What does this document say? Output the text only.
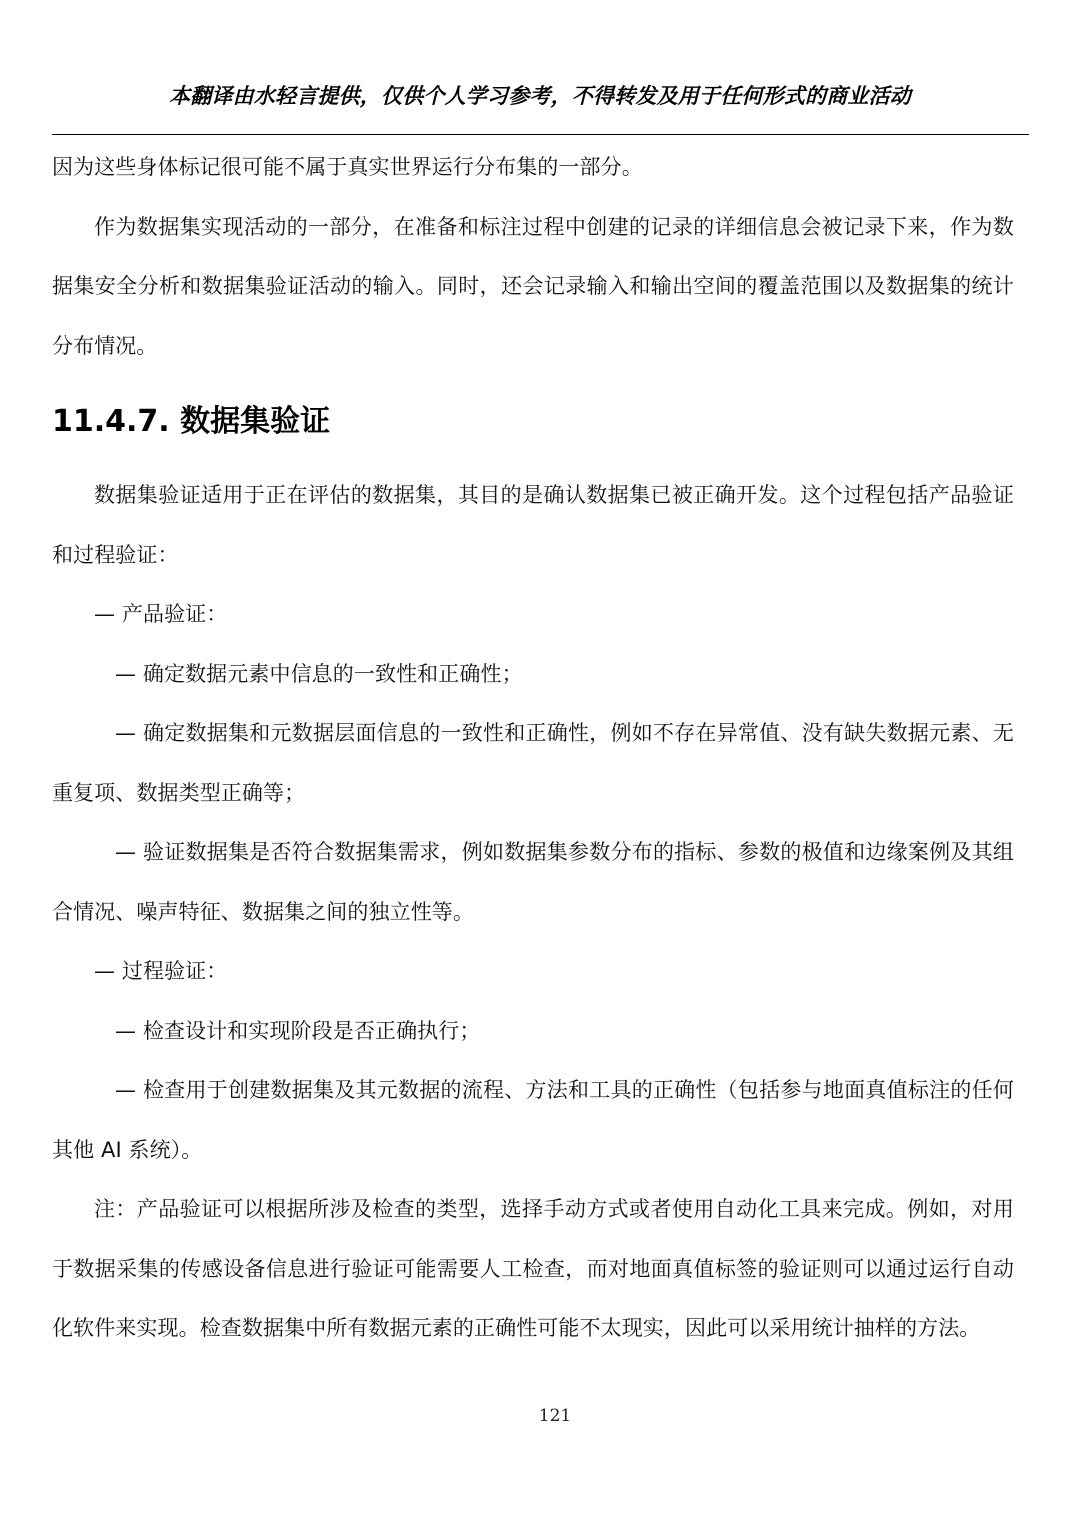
本翻译由水轻言提供，仅供个人学习参考，不得转发及用于任何形式的商业活动

因为这些身体标记很可能不属于真实世界运行分布集的一部分。

作为数据集实现活动的一部分，在准备和标注过程中创建的记录的详细信息会被记录下来，作为数据集安全分析和数据集验证活动的输入。同时，还会记录输入和输出空间的覆盖范围以及数据集的统计分布情况。

11.4.7. 数据集验证

数据集验证适用于正在评估的数据集，其目的是确认数据集已被正确开发。这个过程包括产品验证和过程验证：

— 产品验证：

— 确定数据元素中信息的一致性和正确性；

— 确定数据集和元数据层面信息的一致性和正确性，例如不存在异常值、没有缺失数据元素、无重复项、数据类型正确等；

— 验证数据集是否符合数据集需求，例如数据集参数分布的指标、参数的极值和边缘案例及其组合情况、噪声特征、数据集之间的独立性等。

— 过程验证：

— 检查设计和实现阶段是否正确执行；

— 检查用于创建数据集及其元数据的流程、方法和工具的正确性（包括参与地面真值标注的任何其他 AI 系统）。

注：产品验证可以根据所涉及检查的类型，选择手动方式或者使用自动化工具来完成。例如，对用于数据采集的传感设备信息进行验证可能需要人工检查，而对地面真值标签的验证则可以通过运行自动化软件来实现。检查数据集中所有数据元素的正确性可能不太现实，因此可以采用统计抽样的方法。

121
